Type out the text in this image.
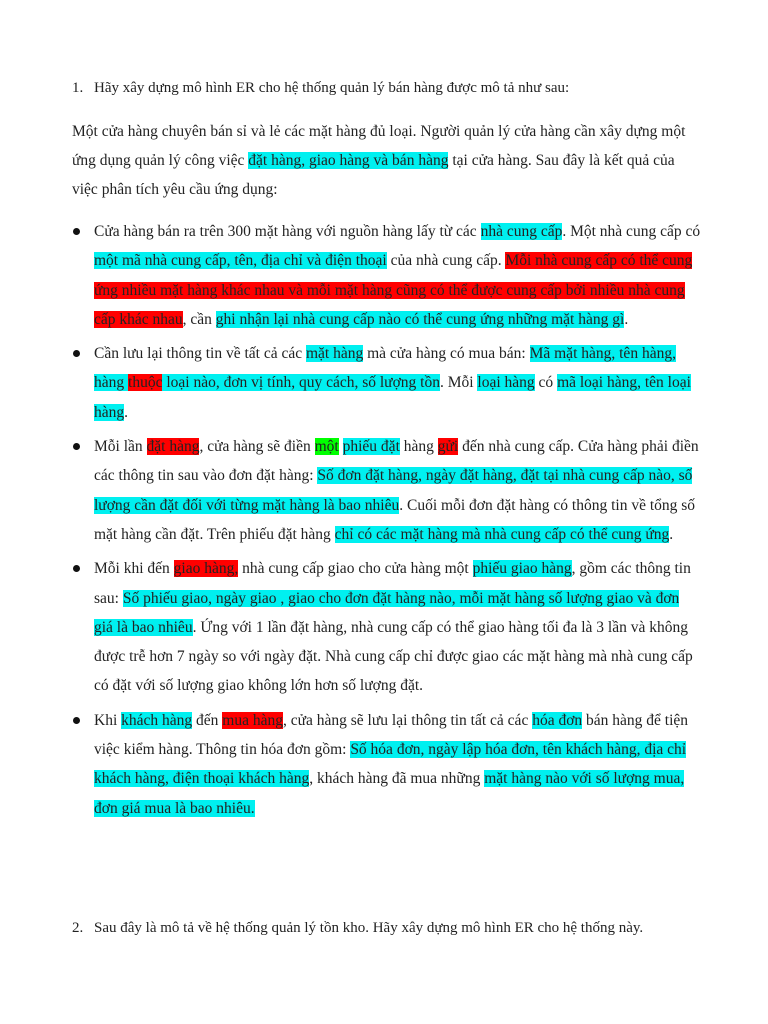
1. Hãy xây dựng mô hình ER cho hệ thống quản lý bán hàng được mô tả như sau:
Một cửa hàng chuyên bán sỉ và lẻ các mặt hàng đủ loại. Người quản lý cửa hàng cần xây dựng một ứng dụng quản lý công việc đặt hàng, giao hàng và bán hàng tại cửa hàng. Sau đây là kết quả của việc phân tích yêu cầu ứng dụng:
Cửa hàng bán ra trên 300 mặt hàng với nguồn hàng lấy từ các nhà cung cấp. Một nhà cung cấp có một mã nhà cung cấp, tên, địa chỉ và điện thoại của nhà cung cấp. Mỗi nhà cung cấp có thể cung ứng nhiều mặt hàng khác nhau và mỗi mặt hàng cũng có thể được cung cấp bởi nhiều nhà cung cấp khác nhau, cần ghi nhận lại nhà cung cấp nào có thể cung ứng những mặt hàng gì.
Cần lưu lại thông tin về tất cả các mặt hàng mà cửa hàng có mua bán: Mã mặt hàng, tên hàng, hàng thuộc loại nào, đơn vị tính, quy cách, số lượng tồn. Mỗi loại hàng có mã loại hàng, tên loại hàng.
Mỗi lần đặt hàng, cửa hàng sẽ điền một phiếu đặt hàng gửi đến nhà cung cấp. Cửa hàng phải điền các thông tin sau vào đơn đặt hàng: Số đơn đặt hàng, ngày đặt hàng, đặt tại nhà cung cấp nào, số lượng cần đặt đối với từng mặt hàng là bao nhiêu. Cuối mỗi đơn đặt hàng có thông tin về tổng số mặt hàng cần đặt. Trên phiếu đặt hàng chỉ có các mặt hàng mà nhà cung cấp có thể cung ứng.
Mỗi khi đến giao hàng, nhà cung cấp giao cho cửa hàng một phiếu giao hàng, gồm các thông tin sau: Số phiếu giao, ngày giao , giao cho đơn đặt hàng nào, mỗi mặt hàng số lượng giao và đơn giá là bao nhiêu. Ứng với 1 lần đặt hàng, nhà cung cấp có thể giao hàng tối đa là 3 lần và không được trễ hơn 7 ngày so với ngày đặt. Nhà cung cấp chỉ được giao các mặt hàng mà nhà cung cấp có đặt với số lượng giao không lớn hơn số lượng đặt.
Khi khách hàng đến mua hàng, cửa hàng sẽ lưu lại thông tin tất cả các hóa đơn bán hàng để tiện việc kiểm hàng. Thông tin hóa đơn gồm: Số hóa đơn, ngày lập hóa đơn, tên khách hàng, địa chỉ khách hàng, điện thoại khách hàng, khách hàng đã mua những mặt hàng nào với số lượng mua, đơn giá mua là bao nhiêu.
2. Sau đây là mô tả về hệ thống quản lý tồn kho. Hãy xây dựng mô hình ER cho hệ thống này.
